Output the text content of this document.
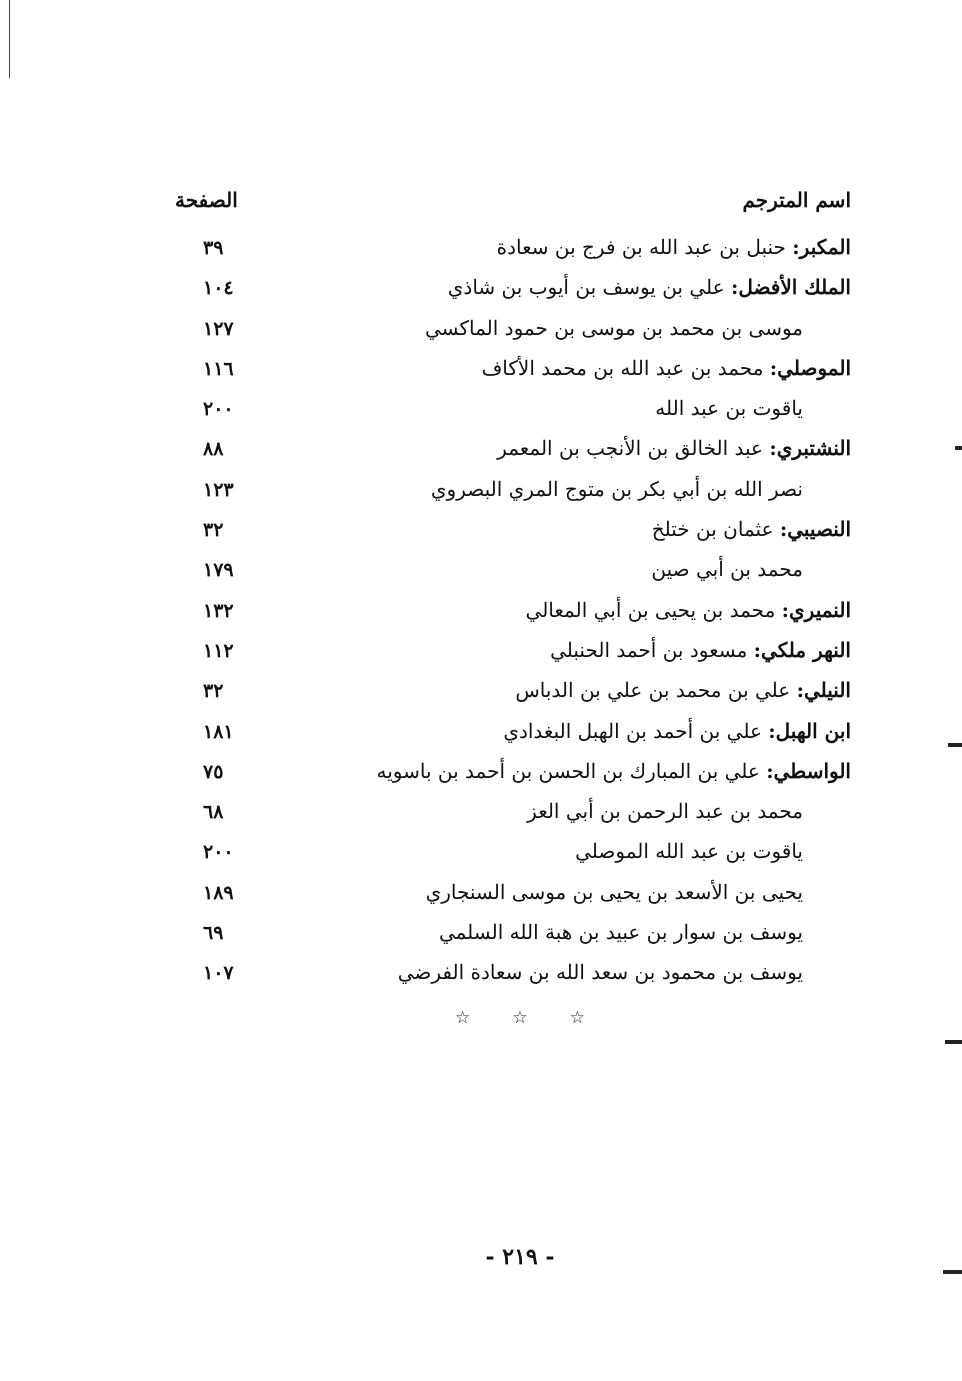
اسم المترجم
الصفحة
المكبر: حنبل بن عبد الله بن فرج بن سعادة
٣٩
الملك الأفضل: علي بن يوسف بن أيوب بن شاذي
١٠٤
موسى بن محمد بن موسى بن حمود الماكسي
١٢٧
الموصلي: محمد بن عبد الله بن محمد الأكاف
١١٦
ياقوت بن عبد الله
٢٠٠
النشتبري: عبد الخالق بن الأنجب بن المعمر
٨٨
نصر الله بن أبي بكر بن متوج المري البصروي
١٢٣
النصيبي: عثمان بن ختلخ
٣٢
محمد بن أبي صين
١٧٩
النميري: محمد بن يحيى بن أبي المعالي
١٣٢
النهر ملكي: مسعود بن أحمد الحنبلي
١١٢
النيلي: علي بن محمد بن علي بن الدباس
٣٢
ابن الهبل: علي بن أحمد بن الهبل البغدادي
١٨١
الواسطي: علي بن المبارك بن الحسن بن أحمد بن باسويه
٧٥
محمد بن عبد الرحمن بن أبي العز
٦٨
ياقوت بن عبد الله الموصلي
٢٠٠
يحيى بن الأسعد بن يحيى بن موسى السنجاري
١٨٩
يوسف بن سوار بن عبيد بن هبة الله السلمي
٦٩
يوسف بن محمود بن سعد الله بن سعادة الفرضي
١٠٧
☆ ☆ ☆
- ٢١٩ -
